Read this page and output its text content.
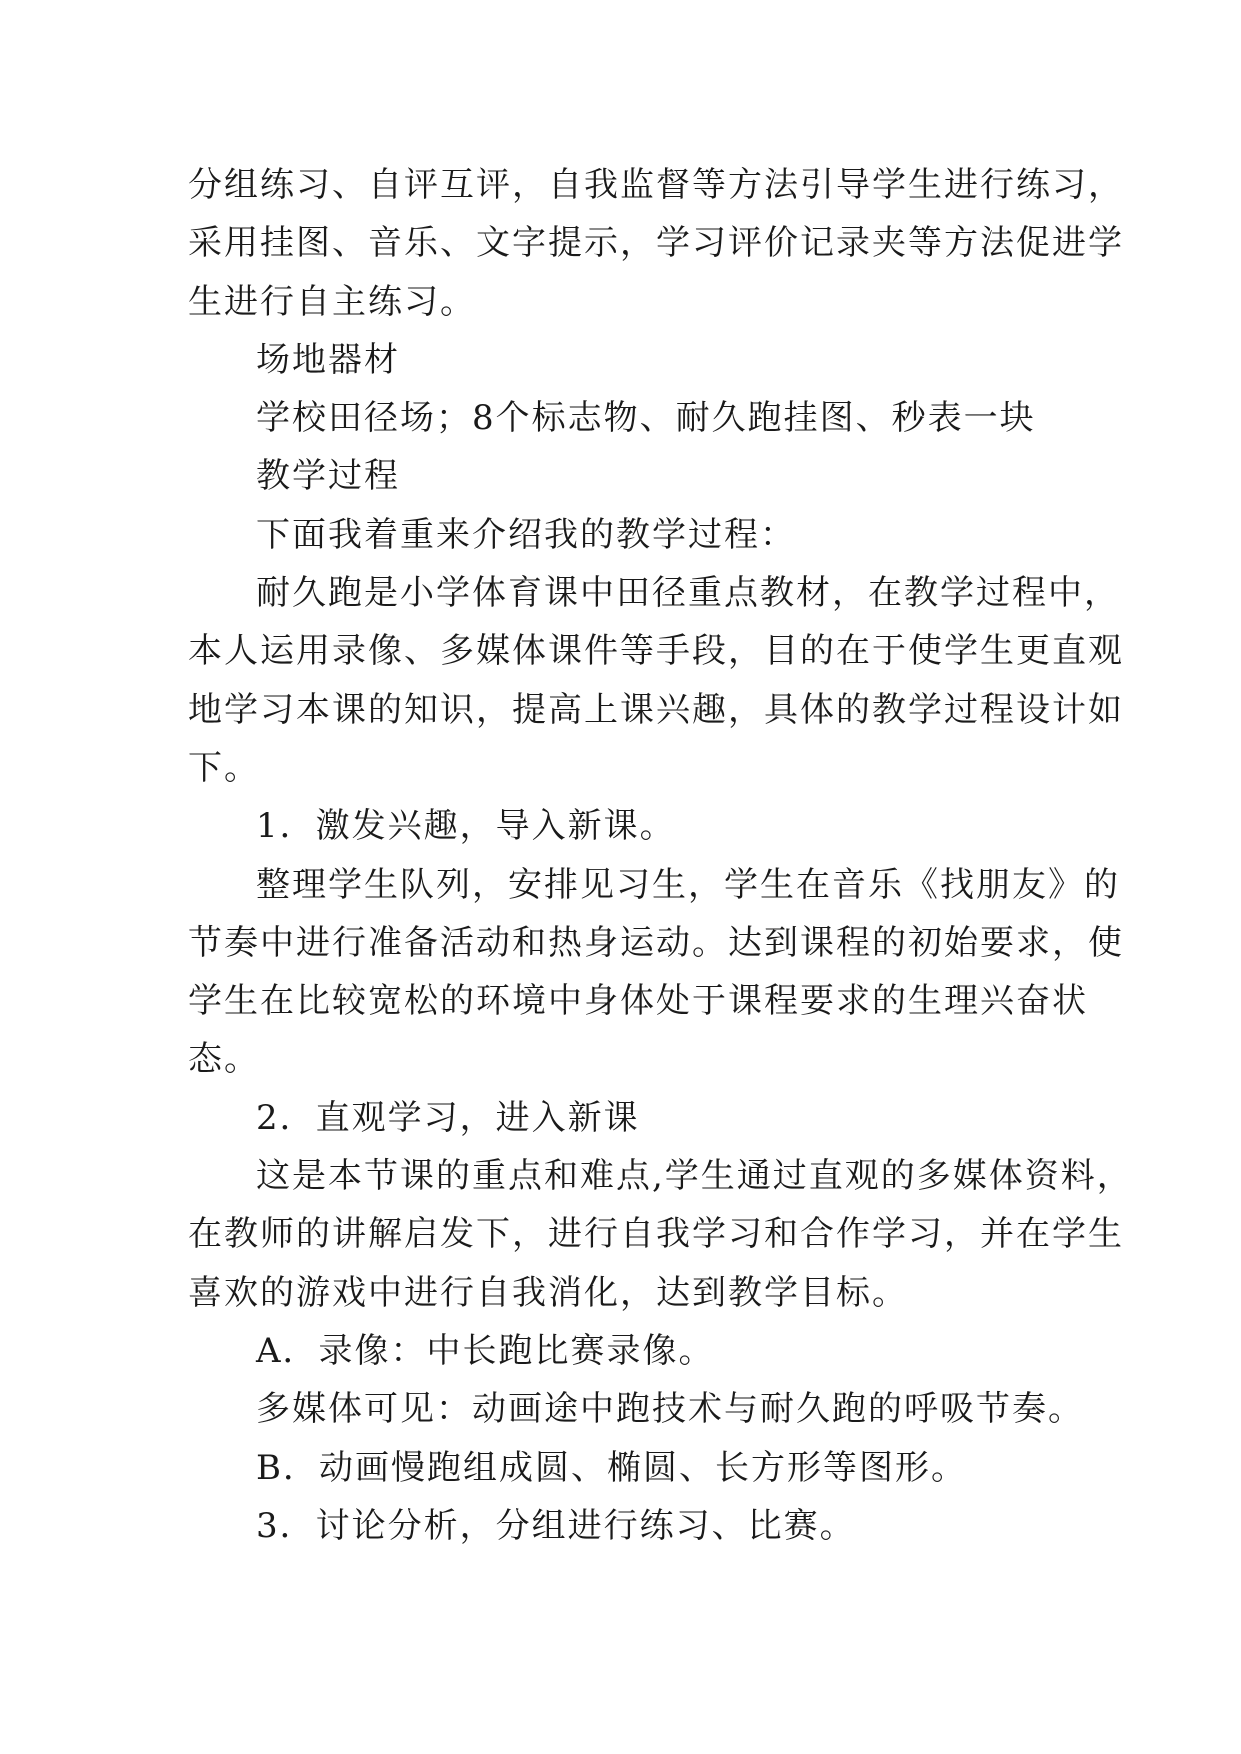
分组练习、自评互评，自我监督等方法引导学生进行练习，
采用挂图、音乐、文字提示，学习评价记录夹等方法促进学
生进行自主练习。
场地器材
学校田径场；8个标志物、耐久跑挂图、秒表一块
教学过程
下面我着重来介绍我的教学过程：
耐久跑是小学体育课中田径重点教材，在教学过程中，
本人运用录像、多媒体课件等手段，目的在于使学生更直观
地学习本课的知识，提高上课兴趣，具体的教学过程设计如
下。
1．激发兴趣，导入新课。
整理学生队列，安排见习生，学生在音乐《找朋友》的
节奏中进行准备活动和热身运动。达到课程的初始要求，使
学生在比较宽松的环境中身体处于课程要求的生理兴奋状
态。
2．直观学习，进入新课
这是本节课的重点和难点,学生通过直观的多媒体资料，
在教师的讲解启发下，进行自我学习和合作学习，并在学生
喜欢的游戏中进行自我消化，达到教学目标。
A．录像：中长跑比赛录像。
多媒体可见：动画途中跑技术与耐久跑的呼吸节奏。
B．动画慢跑组成圆、椭圆、长方形等图形。
3．讨论分析，分组进行练习、比赛。
